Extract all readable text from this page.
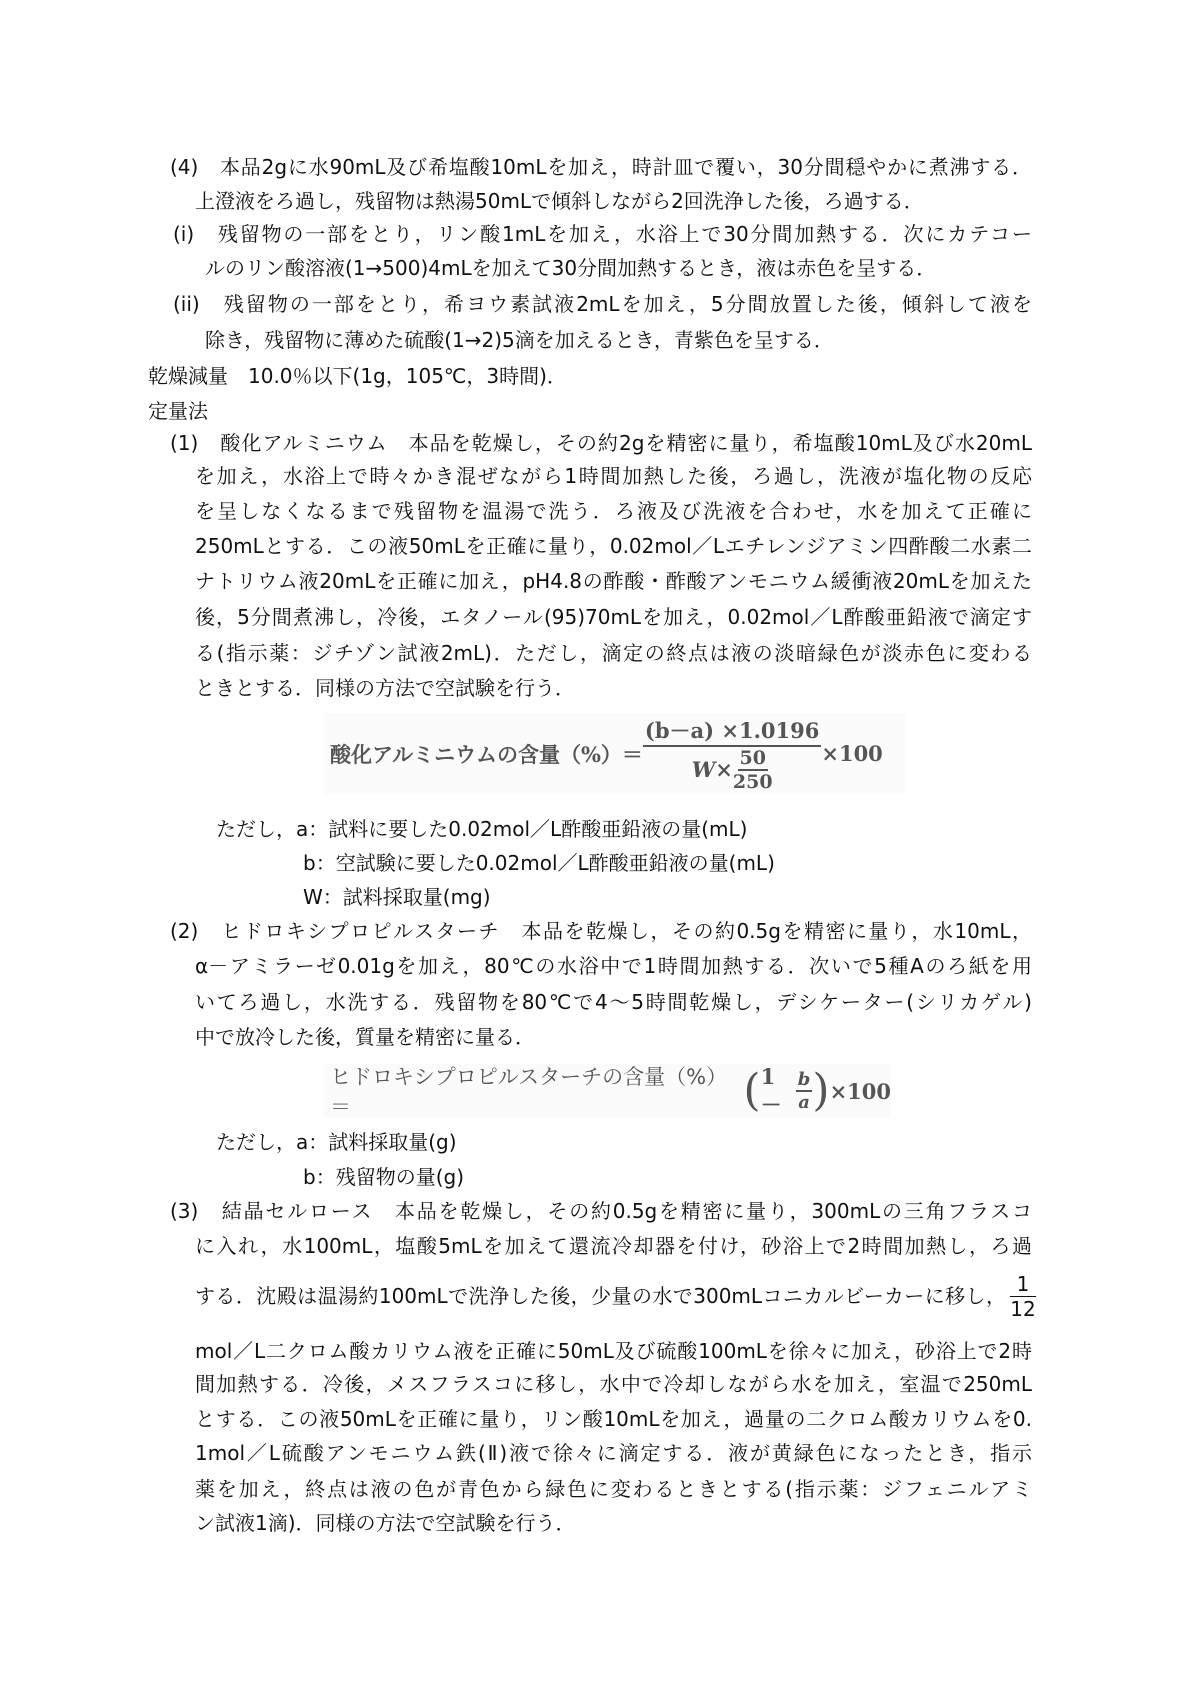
(4)　本品2gに水90mL及び希塩酸10mLを加え，時計皿で覆い，30分間穏やかに煮沸する．
上澄液をろ過し，残留物は熱湯50mLで傾斜しながら2回洗浄した後，ろ過する．
(i)　残留物の一部をとり，リン酸1mLを加え，水浴上で30分間加熱する．次にカテコー
ルのリン酸溶液(1→500)4mLを加えて30分間加熱するとき，液は赤色を呈する．
(ii)　残留物の一部をとり，希ヨウ素試液2mLを加え，5分間放置した後，傾斜して液を
除き，残留物に薄めた硫酸(1→2)5滴を加えるとき，青紫色を呈する．
乾燥減量　10.0％以下(1g，105℃，3時間)．
定量法
(1)　酸化アルミニウム　本品を乾燥し，その約2gを精密に量り，希塩酸10mL及び水20mL
を加え，水浴上で時々かき混ぜながら1時間加熱した後，ろ過し，洗液が塩化物の反応
を呈しなくなるまで残留物を温湯で洗う．ろ液及び洗液を合わせ，水を加えて正確に
250mLとする．この液50mLを正確に量り，0.02mol／Lエチレンジアミン四酢酸二水素二
ナトリウム液20mLを正確に加え，pH4.8の酢酸・酢酸アンモニウム緩衝液20mLを加えた
後，5分間煮沸し，冷後，エタノール(95)70mLを加え，0.02mol／L酢酸亜鉛液で滴定す
る(指示薬：ジチゾン試液2mL)．ただし，滴定の終点は液の淡暗緑色が淡赤色に変わる
ときとする．同様の方法で空試験を行う．
酸化アルミニウムの含量（%）＝ $\frac{(b-a) \times 1.0196}{W\times \frac{50}{250}} \times 100$
ただし，a：試料に要した0.02mol／L酢酸亜鉛液の量(mL)
b：空試験に要した0.02mol／L酢酸亜鉛液の量(mL)
W：試料採取量(mg)
(2)　ヒドロキシプロピルスターチ　本品を乾燥し，その約0.5gを精密に量り，水10mL，
α－アミラーゼ0.01gを加え，80℃の水浴中で1時間加熱する．次いで5種Aのろ紙を用
いてろ過し，水洗する．残留物を80℃で4～5時間乾燥し，デシケーター(シリカゲル)
中で放冷した後，質量を精密に量る．
ヒドロキシプロピルスターチの含量（%）＝	( $1- \frac{b}{a}$ ) ×100
ただし，a：試料採取量(g)
b：残留物の量(g)
(3)　結晶セルロース　本品を乾燥し，その約0.5gを精密に量り，300mLの三角フラスコ
に入れ，水100mL，塩酸5mLを加えて還流冷却器を付け，砂浴上で2時間加熱し，ろ過
する．沈殿は温湯約100mLで洗浄した後，少量の水で300mLコニカルビーカーに移し， $\frac{1}{12}$
mol／L二クロム酸カリウム液を正確に50mL及び硫酸100mLを徐々に加え，砂浴上で2時
間加熱する．冷後，メスフラスコに移し，水中で冷却しながら水を加え，室温で250mL
とする．この液50mLを正確に量り，リン酸10mLを加え，過量の二クロム酸カリウムを0.
1mol／L硫酸アンモニウム鉄(Ⅱ)液で徐々に滴定する．液が黄緑色になったとき，指示
薬を加え，終点は液の色が青色から緑色に変わるときとする(指示薬：ジフェニルアミ
ン試液1滴)．同様の方法で空試験を行う．
